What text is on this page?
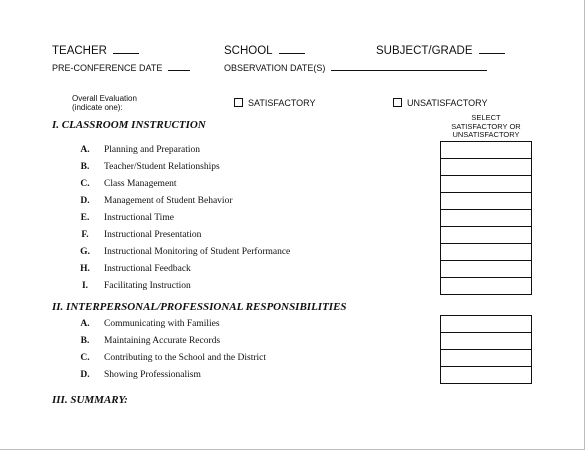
TEACHER	SCHOOL	SUBJECT/GRADE
PRE-CONFERENCE DATE	OBSERVATION DATE(S)
Overall Evaluation
(indicate one):	SATISFACTORY	UNSATISFACTORY
SELECT
SATISFACTORY OR
UNSATISFACTORY
I. CLASSROOM INSTRUCTION
A. Planning and Preparation
B. Teacher/Student Relationships
C. Class Management
D. Management of Student Behavior
E. Instructional Time
F.	Instructional Presentation
G. Instructional Monitoring of Student Performance
H. Instructional Feedback
I.	Facilitating Instruction
II. INTERPERSONAL/PROFESSIONAL RESPONSIBILITIES
A. Communicating with Families
B. Maintaining Accurate Records
C. Contributing to the School and the District
D. Showing Professionalism
III. SUMMARY:
